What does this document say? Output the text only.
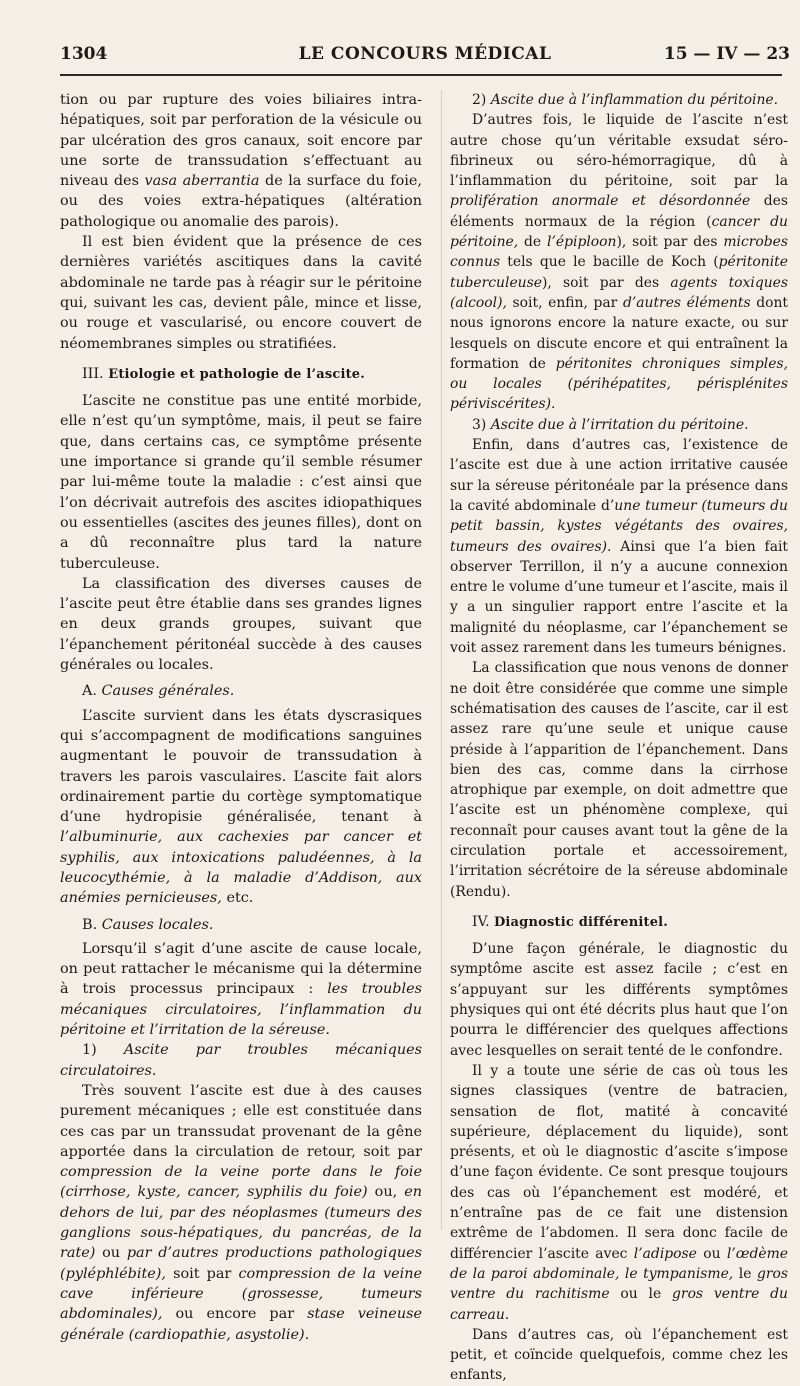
1304	LE CONCOURS MÉDICAL	15 — IV — 23

tion ou par rupture des voies biliaires intra-hépatiques, soit par perforation de la vésicule ou par ulcération des gros canaux, soit encore par une sorte de transsudation s’effectuant au niveau des vasa aberrantia de la surface du foie, ou des voies extra-hépatiques (altération pathologique ou anomalie des parois).

Il est bien évident que la présence de ces dernières variétés ascitiques dans la cavité abdominale ne tarde pas à réagir sur le péritoine qui, suivant les cas, devient pâle, mince et lisse, ou rouge et vascularisé, ou encore couvert de néomembranes simples ou stratifiées.

III. Etiologie et pathologie de l’ascite.

L’ascite ne constitue pas une entité morbide, elle n’est qu’un symptôme, mais, il peut se faire que, dans certains cas, ce symptôme présente une importance si grande qu’il semble résumer par lui-même toute la maladie : c’est ainsi que l’on décrivait autrefois des ascites idiopathiques ou essentielles (ascites des jeunes filles), dont on a dû reconnaître plus tard la nature tuberculeuse.

La classification des diverses causes de l’ascite peut être établie dans ses grandes lignes en deux grands groupes, suivant que l’épanchement péritonéal succède à des causes générales ou locales.

A. Causes générales.

L’ascite survient dans les états dyscrasiques qui s’accompagnent de modifications sanguines augmentant le pouvoir de transsudation à travers les parois vasculaires. L’ascite fait alors ordinairement partie du cortège symptomatique d’une hydropisie généralisée, tenant à l’albuminurie, aux cachexies par cancer et syphilis, aux intoxications paludéennes, à la leucocythémie, à la maladie d’Addison, aux anémies pernicieuses, etc.

B. Causes locales.

Lorsqu’il s’agit d’une ascite de cause locale, on peut rattacher le mécanisme qui la détermine à trois processus principaux : les troubles mécaniques circulatoires, l’inflammation du péritoine et l’irritation de la séreuse.

1) Ascite par troubles mécaniques circulatoires.

Très souvent l’ascite est due à des causes purement mécaniques ; elle est constituée dans ces cas par un transsudat provenant de la gêne apportée dans la circulation de retour, soit par compression de la veine porte dans le foie (cirrhose, kyste, cancer, syphilis du foie) ou, en dehors de lui, par des néoplasmes (tumeurs des ganglions sous-hépatiques, du pancréas, de la rate) ou par d’autres productions pathologiques (pyléphlébite), soit par compression de la veine cave inférieure (grossesse, tumeurs abdominales), ou encore par stase veineuse générale (cardiopathie, asystolie).

2) Ascite due à l’inflammation du péritoine.

D’autres fois, le liquide de l’ascite n’est autre chose qu’un véritable exsudat séro-fibrineux ou séro-hémorragique, dû à l’inflammation du péritoine, soit par la prolifération anormale et désordonnée des éléments normaux de la région (cancer du péritoine, de l’épiploon), soit par des microbes connus tels que le bacille de Koch (péritonite tuberculeuse), soit par des agents toxiques (alcool), soit, enfin, par d’autres éléments dont nous ignorons encore la nature exacte, ou sur lesquels on discute encore et qui entraînent la formation de péritonites chroniques simples, ou locales (périhépatites, périsplénites périviscérites).

3) Ascite due à l’irritation du péritoine.

Enfin, dans d’autres cas, l’existence de l’ascite est due à une action irritative causée sur la séreuse péritonéale par la présence dans la cavité abdominale d’une tumeur (tumeurs du petit bassin, kystes végétants des ovaires, tumeurs des ovaires). Ainsi que l’a bien fait observer Terrillon, il n’y a aucune connexion entre le volume d’une tumeur et l’ascite, mais il y a un singulier rapport entre l’ascite et la malignité du néoplasme, car l’épanchement se voit assez rarement dans les tumeurs bénignes.

La classification que nous venons de donner ne doit être considérée que comme une simple schématisation des causes de l’ascite, car il est assez rare qu’une seule et unique cause préside à l’apparition de l’épanchement. Dans bien des cas, comme dans la cirrhose atrophique par exemple, on doit admettre que l’ascite est un phénomène complexe, qui reconnaît pour causes avant tout la gêne de la circulation portale et accessoirement, l’irritation sécrétoire de la séreuse abdominale (Rendu).

IV. Diagnostic différenitel.

D’une façon générale, le diagnostic du symptôme ascite est assez facile ; c’est en s’appuyant sur les différents symptômes physiques qui ont été décrits plus haut que l’on pourra le différencier des quelques affections avec lesquelles on serait tenté de le confondre.

Il y a toute une série de cas où tous les signes classiques (ventre de batracien, sensation de flot, matité à concavité supérieure, déplacement du liquide), sont présents, et où le diagnostic d’ascite s’impose d’une façon évidente. Ce sont presque toujours des cas où l’épanchement est modéré, et n’entraîne pas de ce fait une distension extrême de l’abdomen. Il sera donc facile de différencier l’ascite avec l’adipose ou l’œdème de la paroi abdominale, le tympanisme, le gros ventre du rachitisme ou le gros ventre du carreau.

Dans d’autres cas, où l’épanchement est petit, et coïncide quelquefois, comme chez les enfants,
